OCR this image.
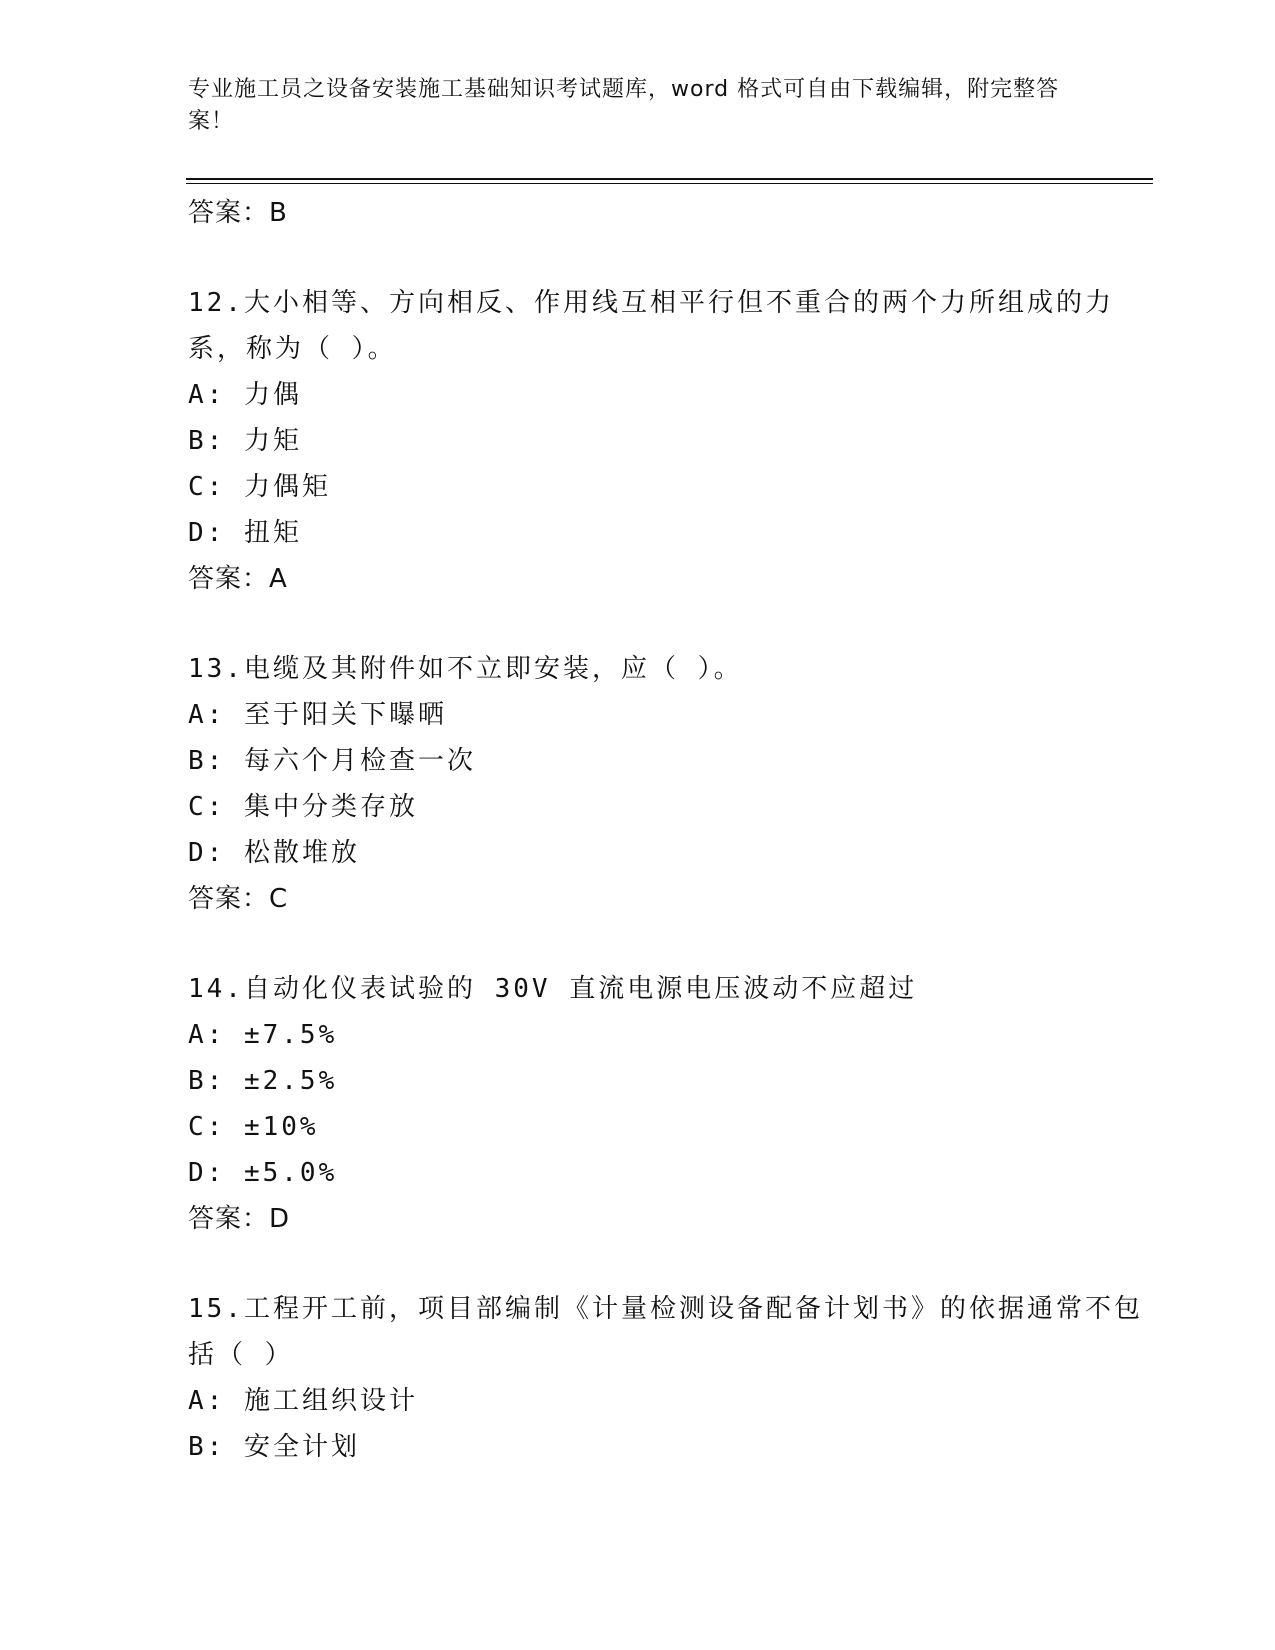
专业施工员之设备安装施工基础知识考试题库，word 格式可自由下载编辑，附完整答案！
答案：B
12.大小相等、方向相反、作用线互相平行但不重合的两个力所组成的力系，称为（ ）。
A: 力偶
B: 力矩
C: 力偶矩
D: 扭矩
答案：A
13.电缆及其附件如不立即安装，应（ ）。
A: 至于阳关下曝晒
B: 每六个月检查一次
C: 集中分类存放
D: 松散堆放
答案：C
14.自动化仪表试验的 30V 直流电源电压波动不应超过
A: ±7.5%
B: ±2.5%
C: ±10%
D: ±5.0%
答案：D
15.工程开工前，项目部编制《计量检测设备配备计划书》的依据通常不包括（ ）
A: 施工组织设计
B: 安全计划
